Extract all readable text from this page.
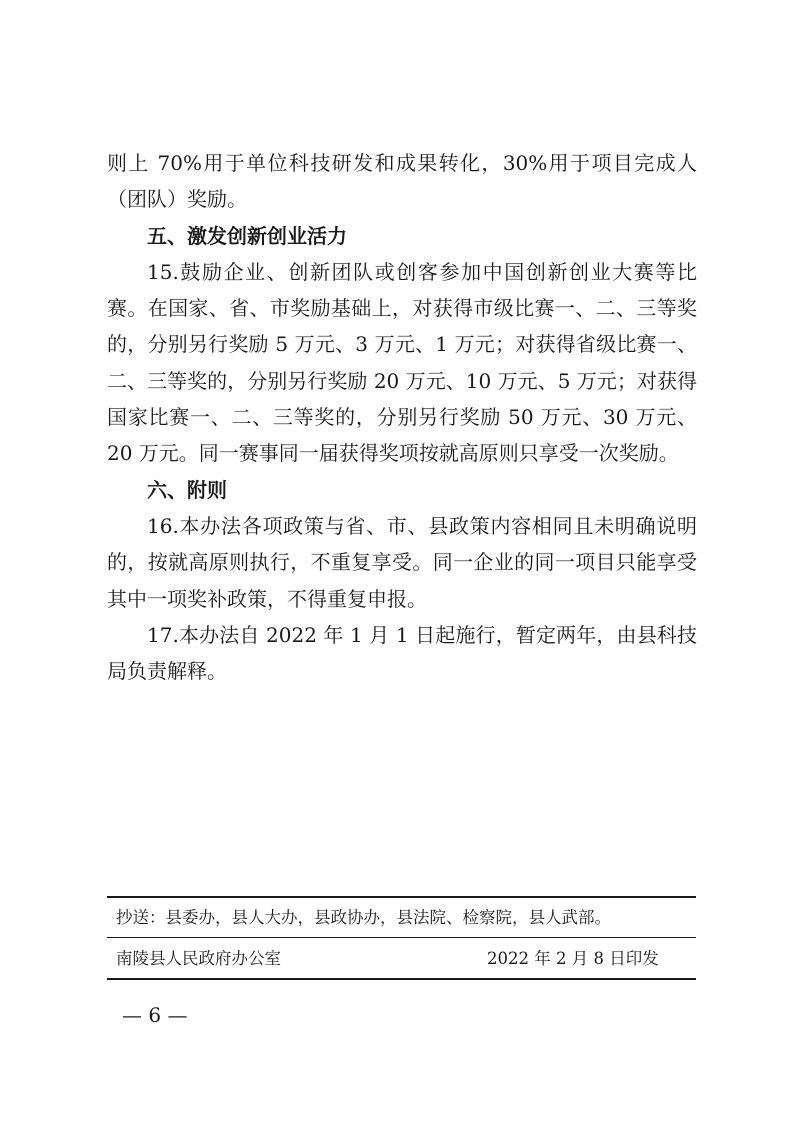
则上 70%用于单位科技研发和成果转化，30%用于项目完成人（团队）奖励。

五、激发创新创业活力

15.鼓励企业、创新团队或创客参加中国创新创业大赛等比赛。在国家、省、市奖励基础上，对获得市级比赛一、二、三等奖的，分别另行奖励 5 万元、3 万元、1 万元；对获得省级比赛一、二、三等奖的，分别另行奖励 20 万元、10 万元、5 万元；对获得国家比赛一、二、三等奖的，分别另行奖励 50 万元、30 万元、20 万元。同一赛事同一届获得奖项按就高原则只享受一次奖励。

六、附则

16.本办法各项政策与省、市、县政策内容相同且未明确说明的，按就高原则执行，不重复享受。同一企业的同一项目只能享受其中一项奖补政策，不得重复申报。

17.本办法自 2022 年 1 月 1 日起施行，暂定两年，由县科技局负责解释。

抄送：县委办，县人大办，县政协办，县法院、检察院，县人武部。
南陵县人民政府办公室	2022 年 2 月 8 日印发
— 6 —
